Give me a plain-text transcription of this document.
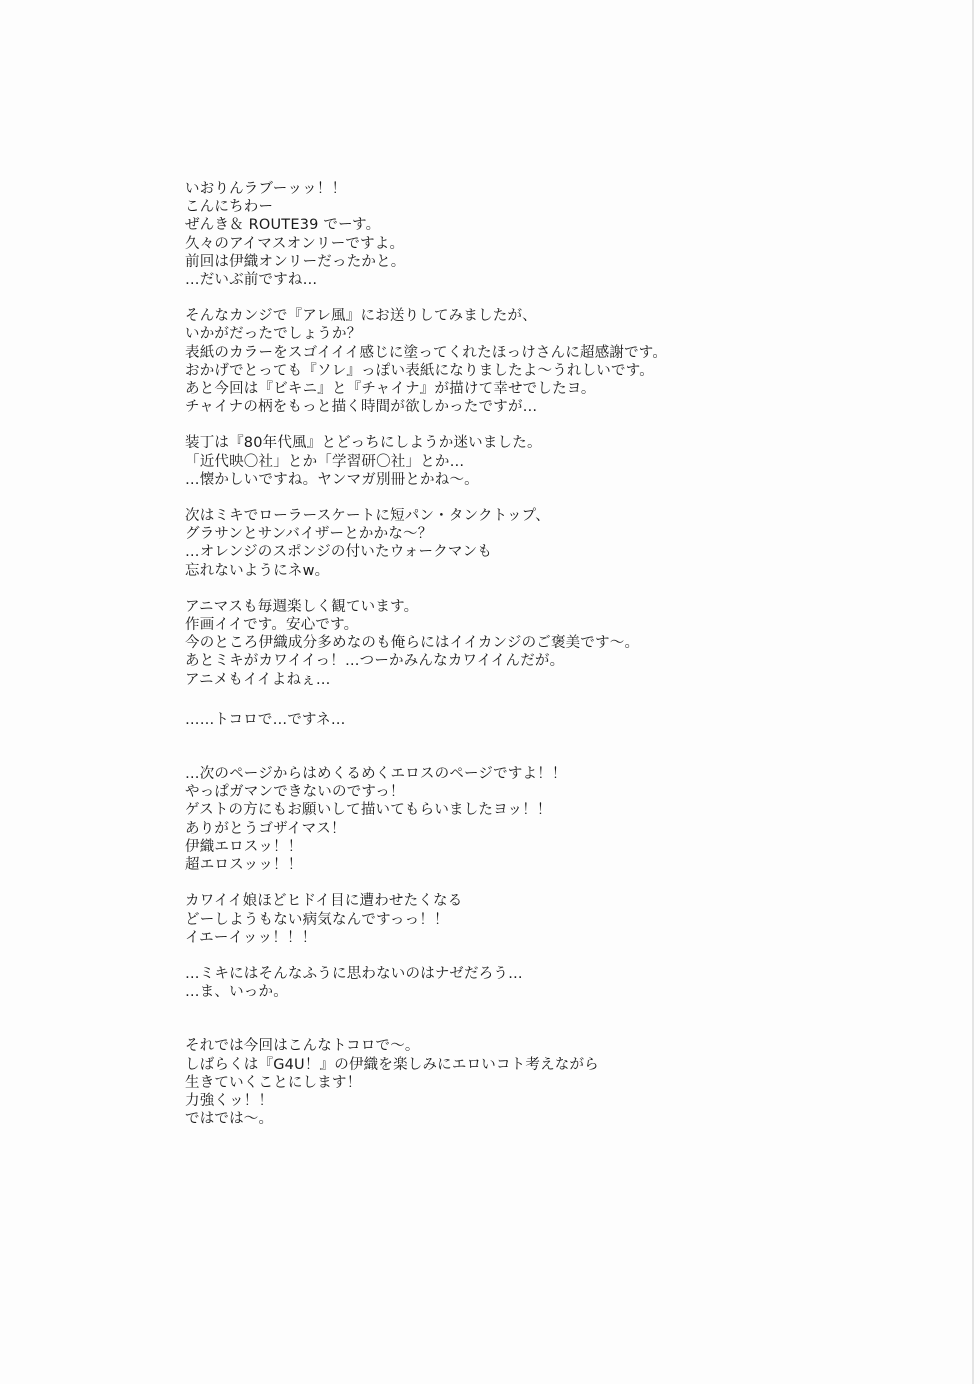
いおりんラブーッッ！！
こんにちわー
ぜんき＆ ROUTE39 でーす。
久々のアイマスオンリーですよ。
前回は伊織オンリーだったかと。
…だいぶ前ですね…
そんなカンジで『アレ風』にお送りしてみましたが、
いかがだったでしょうか？
表紙のカラーをスゴイイイ感じに塗ってくれたほっけさんに超感謝です。
おかげでとっても『ソレ』っぽい表紙になりましたよ〜うれしいです。
あと今回は『ビキニ』と『チャイナ』が描けて幸せでしたヨ。
チャイナの柄をもっと描く時間が欲しかったですが…
装丁は『80年代風』とどっちにしようか迷いました。
「近代映〇社」とか「学習研〇社」とか…
…懐かしいですね。ヤンマガ別冊とかね〜。
次はミキでローラースケートに短パン・タンクトップ、
グラサンとサンバイザーとかかな〜？
…オレンジのスポンジの付いたウォークマンも
忘れないようにネw。
アニマスも毎週楽しく観ています。
作画イイです。安心です。
今のところ伊織成分多めなのも俺らにはイイカンジのご褒美です〜。
あとミキがカワイイっ！…つーかみんなカワイイんだが。
アニメもイイよねぇ…
……トコロで…ですネ…
…次のページからはめくるめくエロスのページですよ！！
やっぱガマンできないのですっ！
ゲストの方にもお願いして描いてもらいましたヨッ！！
ありがとうゴザイマス！
伊織エロスッ！！
超エロスッッ！！
カワイイ娘ほどヒドイ目に遭わせたくなる
どーしようもない病気なんですっっ！！
イエーイッッ！！！
…ミキにはそんなふうに思わないのはナゼだろう…
…ま、いっか。
それでは今回はこんなトコロで〜。
しばらくは『G4U！』の伊織を楽しみにエロいコト考えながら
生きていくことにします！
力強くッ！！
ではでは〜。
